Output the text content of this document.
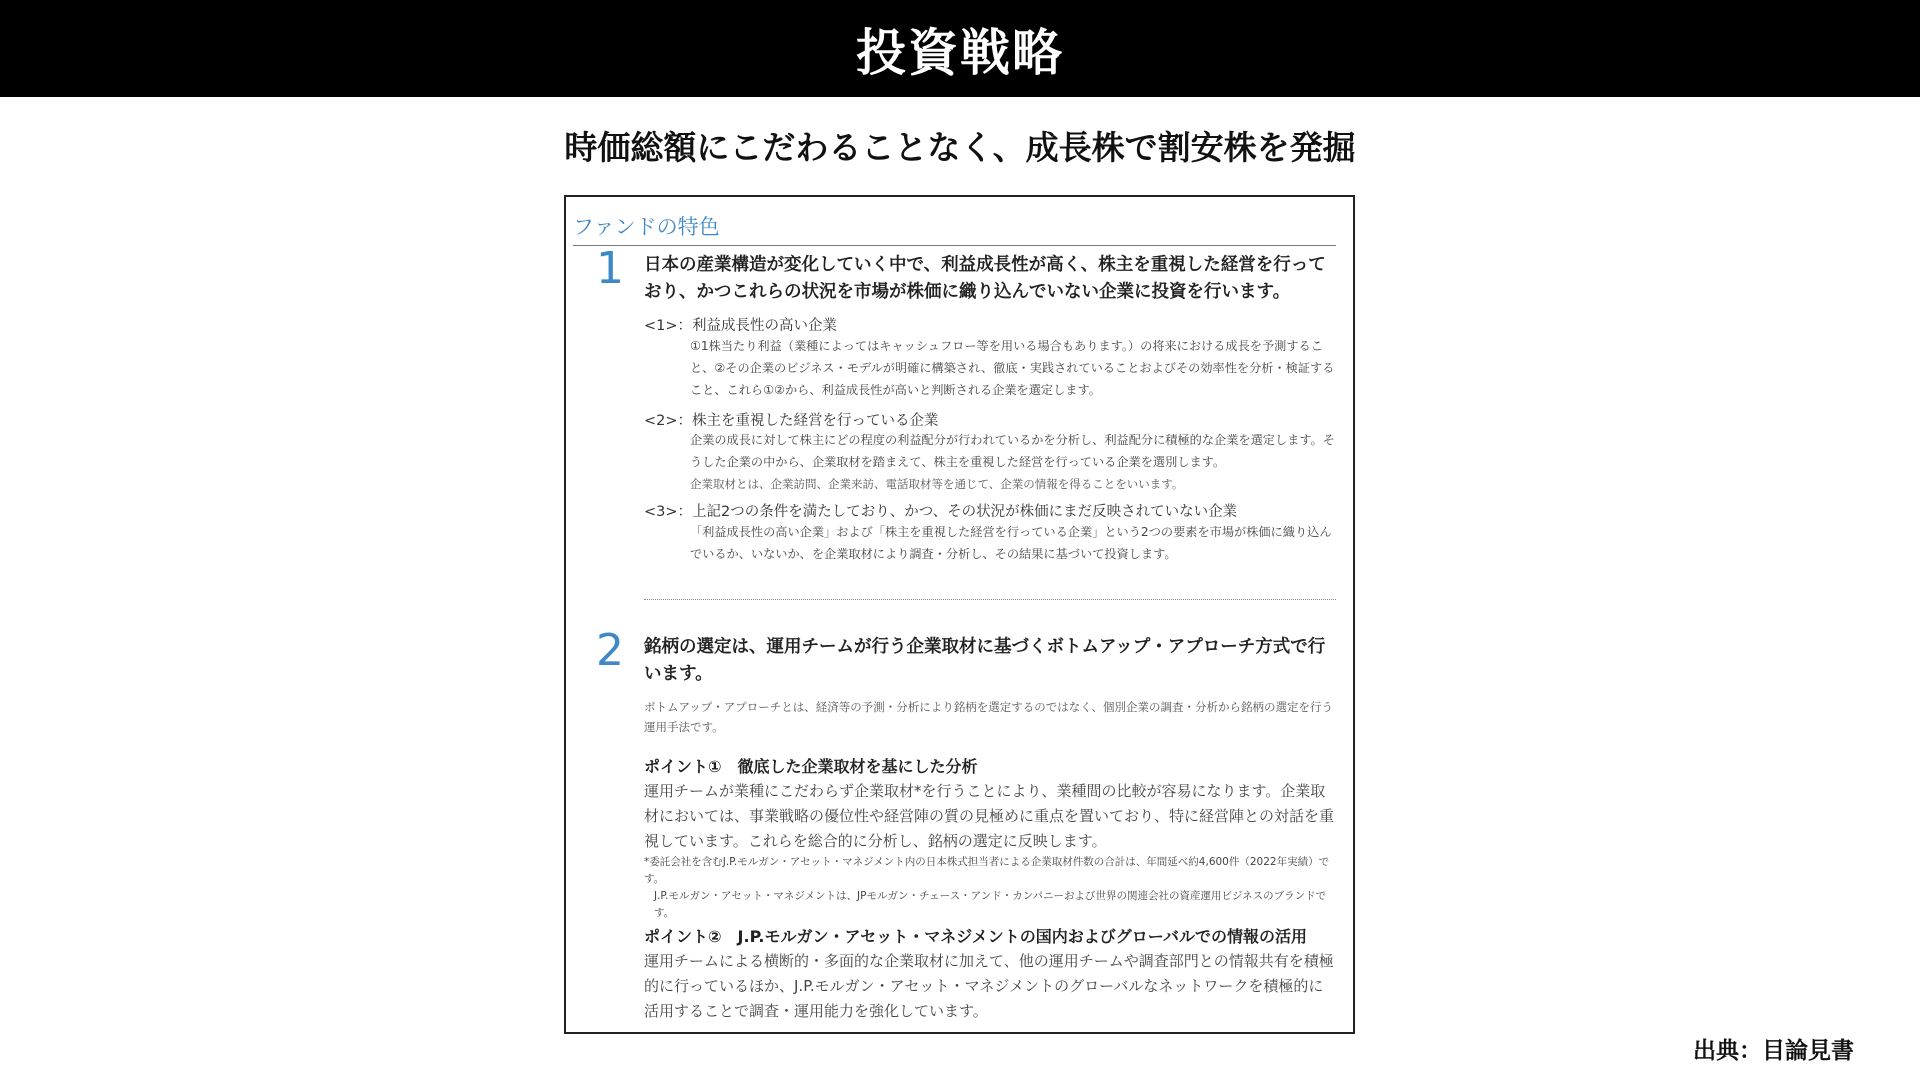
投資戦略
時価総額にこだわることなく、成長株で割安株を発掘
ファンドの特色
1 日本の産業構造が変化していく中で、利益成長性が高く、株主を重視した経営を行っており、かつこれらの状況を市場が株価に織り込んでいない企業に投資を行います。
<1>：利益成長性の高い企業
①1株当たり利益（業種によってはキャッシュフロー等を用いる場合もあります。）の将来における成長を予測すること、②その企業のビジネス・モデルが明確に構築され、徹底・実践されていることおよびその効率性を分析・検証すること、これら①②から、利益成長性が高いと判断される企業を選定します。
<2>：株主を重視した経営を行っている企業
企業の成長に対して株主にどの程度の利益配分が行われているかを分析し、利益配分に積極的な企業を選定します。そうした企業の中から、企業取材を踏まえて、株主を重視した経営を行っている企業を選別します。
企業取材とは、企業訪問、企業来訪、電話取材等を通じて、企業の情報を得ることをいいます。
<3>：上記2つの条件を満たしており、かつ、その状況が株価にまだ反映されていない企業
「利益成長性の高い企業」および「株主を重視した経営を行っている企業」という2つの要素を市場が株価に織り込んでいるか、いないか、を企業取材により調査・分析し、その結果に基づいて投資します。
2 銘柄の選定は、運用チームが行う企業取材に基づくボトムアップ・アプローチ方式で行います。
ボトムアップ・アプローチとは、経済等の予測・分析により銘柄を選定するのではなく、個別企業の調査・分析から銘柄の選定を行う運用手法です。
ポイント①　徹底した企業取材を基にした分析
運用チームが業種にこだわらず企業取材*を行うことにより、業種間の比較が容易になります。企業取材においては、事業戦略の優位性や経営陣の質の見極めに重点を置いており、特に経営陣との対話を重視しています。これらを総合的に分析し、銘柄の選定に反映します。
*委託会社を含むJ.P.モルガン・アセット・マネジメント内の日本株式担当者による企業取材件数の合計は、年間延べ約4,600件（2022年実績）です。
J.P.モルガン・アセット・マネジメントは、JPモルガン・チェース・アンド・カンパニーおよび世界の関連会社の資産運用ビジネスのブランドです。
ポイント②　J.P.モルガン・アセット・マネジメントの国内およびグローバルでの情報の活用
運用チームによる横断的・多面的な企業取材に加えて、他の運用チームや調査部門との情報共有を積極的に行っているほか、J.P.モルガン・アセット・マネジメントのグローバルなネットワークを積極的に活用することで調査・運用能力を強化しています。
出典：目論見書
